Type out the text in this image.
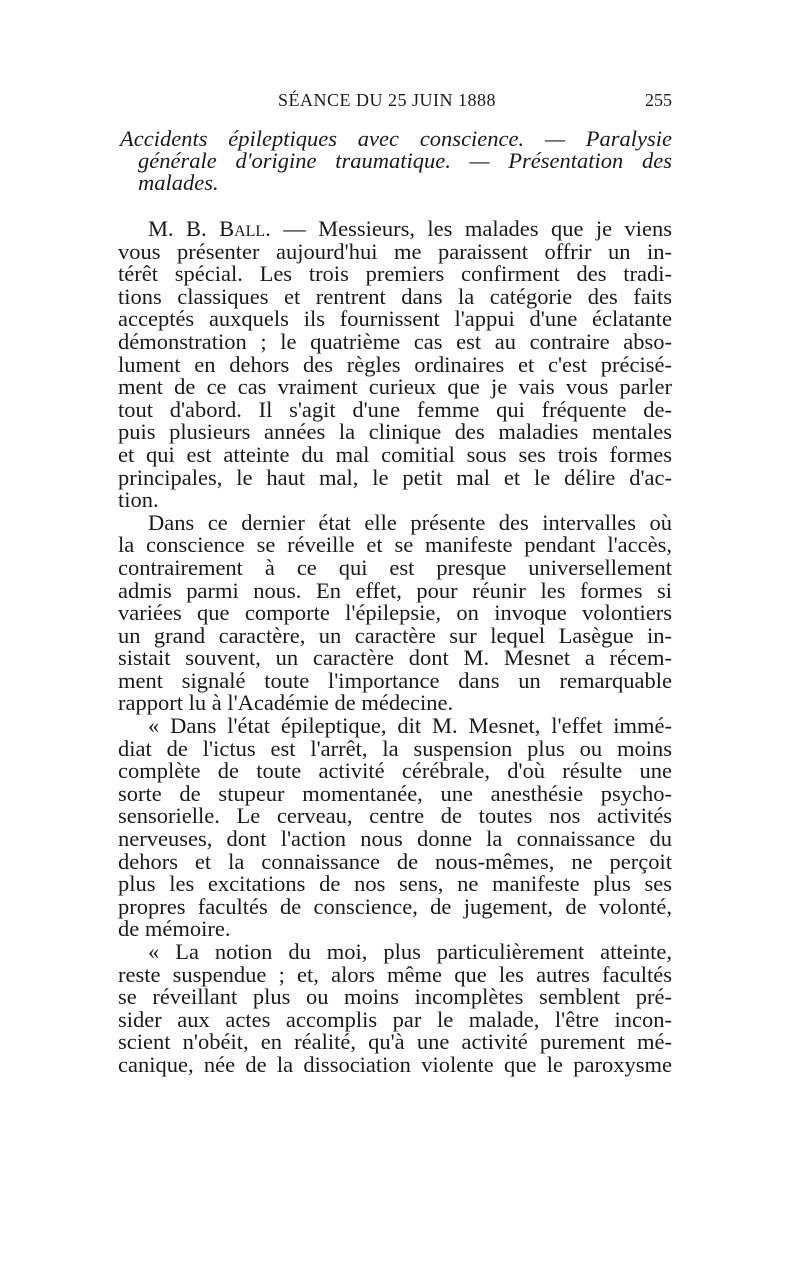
SÉANCE DU 25 JUIN 1888	255
Accidents épileptiques avec conscience. — Paralysie
générale d'origine traumatique. — Présentation des
malades.
M. B. Ball. — Messieurs, les malades que je viens
vous présenter aujourd'hui me paraissent offrir un in-
térêt spécial. Les trois premiers confirment des tradi-
tions classiques et rentrent dans la catégorie des faits
acceptés auxquels ils fournissent l'appui d'une éclatante
démonstration ; le quatrième cas est au contraire abso-
lument en dehors des règles ordinaires et c'est précisé-
ment de ce cas vraiment curieux que je vais vous parler
tout d'abord. Il s'agit d'une femme qui fréquente de-
puis plusieurs années la clinique des maladies mentales
et qui est atteinte du mal comitial sous ses trois formes
principales, le haut mal, le petit mal et le délire d'ac-
tion.
Dans ce dernier état elle présente des intervalles où
la conscience se réveille et se manifeste pendant l'accès,
contrairement à ce qui est presque universellement
admis parmi nous. En effet, pour réunir les formes si
variées que comporte l'épilepsie, on invoque volontiers
un grand caractère, un caractère sur lequel Lasègue in-
sistait souvent, un caractère dont M. Mesnet a récem-
ment signalé toute l'importance dans un remarquable
rapport lu à l'Académie de médecine.
« Dans l'état épileptique, dit M. Mesnet, l'effet immé-
diat de l'ictus est l'arrêt, la suspension plus ou moins
complète de toute activité cérébrale, d'où résulte une
sorte de stupeur momentanée, une anesthésie psycho-
sensorielle. Le cerveau, centre de toutes nos activités
nerveuses, dont l'action nous donne la connaissance du
dehors et la connaissance de nous-mêmes, ne perçoit
plus les excitations de nos sens, ne manifeste plus ses
propres facultés de conscience, de jugement, de volonté,
de mémoire.
« La notion du moi, plus particulièrement atteinte,
reste suspendue ; et, alors même que les autres facultés
se réveillant plus ou moins incomplètes semblent pré-
sider aux actes accomplis par le malade, l'être incon-
scient n'obéit, en réalité, qu'à une activité purement mé-
canique, née de la dissociation violente que le paroxysme
